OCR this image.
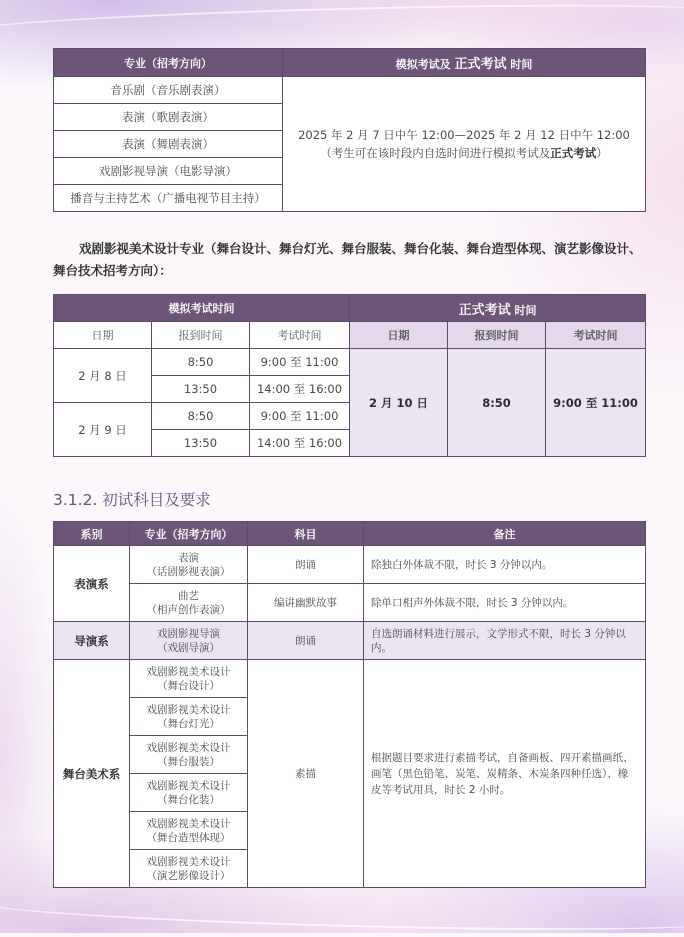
专业（招考方向）	模拟考试及 正式考试 时间
音乐剧（音乐剧表演）	2025 年 2 月 7 日中午 12:00—2025 年 2 月 12 日中午 12:00
（考生可在该时段内自选时间进行模拟考试及正式考试）

表演（歌剧表演）	
表演（舞剧表演）	
戏剧影视导演（电影导演）	
播音与主持艺术（广播电视节目主持）	
戏剧影视美术设计专业（舞台设计、舞台灯光、舞台服装、舞台化装、舞台造型体现、演艺影像设计、舞台技术招考方向）：
模拟考试时间			正式考试 时间		
日期	报到时间	考试时间	日期	报到时间	考试时间
2 月 8 日	8:50	9:00 至 11:00	2 月 10 日	8:50	9:00 至 11:00
	13:50	14:00 至 16:00			
2 月 9 日	8:50	9:00 至 11:00			
	13:50	14:00 至 16:00			
3.1.2. 初试科目及要求
系别	专业（招考方向）	科目	备注
表演系	表演
（话剧影视表演）	朗诵	除独白外体裁不限，时长 3 分钟以内。

	曲艺
（相声创作表演）	编讲幽默故事	除单口相声外体裁不限，时长 3 分钟以内。
导演系	戏剧影视导演
（戏剧导演）	朗诵	自选朗诵材料进行展示，文学形式不限，时长 3 分钟以内。
舞台美术系	戏剧影视美术设计
（舞台设计）	素描	根据题目要求进行素描考试，自备画板、四开素描画纸、画笔（黑色铅笔、炭笔、炭精条、木炭条四种任选）、橡皮等考试用具，时长 2 小时。

	戏剧影视美术设计
（舞台灯光）		

	戏剧影视美术设计
（舞台服装）		

	戏剧影视美术设计
（舞台化装）		

	戏剧影视美术设计
（舞台造型体现）		

	戏剧影视美术设计
（演艺影像设计）		
